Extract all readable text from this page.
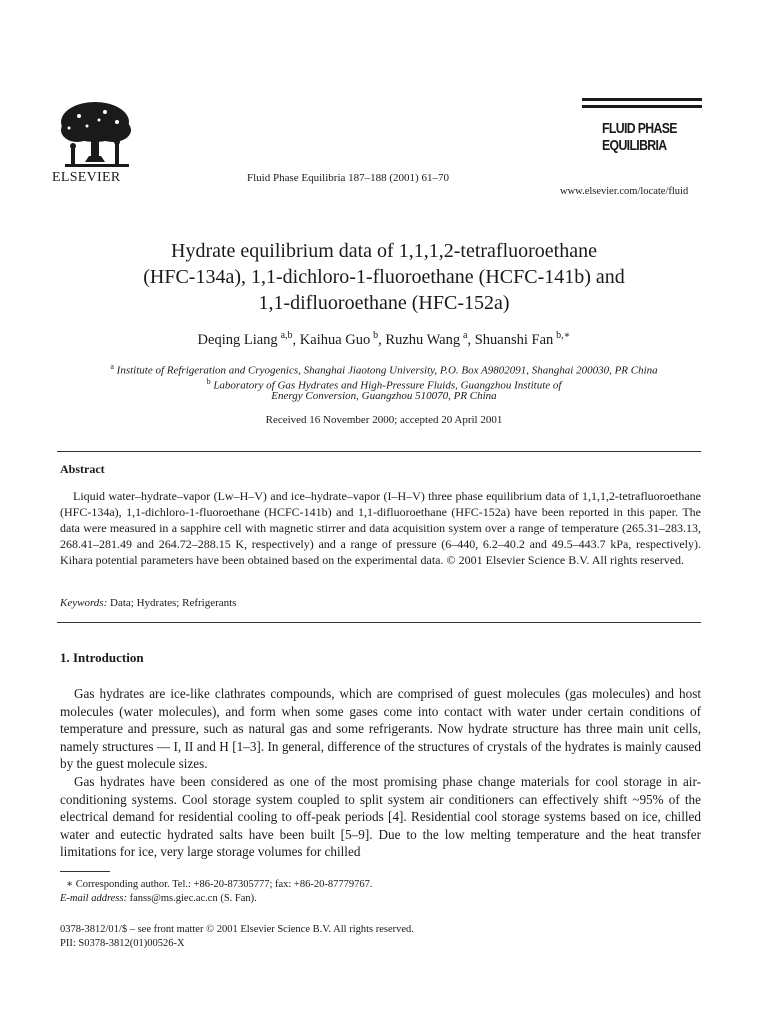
ELSEVIER	Fluid Phase Equilibria 187–188 (2001) 61–70
FLUID PHASE
EQUILIBRIA
www.elsevier.com/locate/fluid
Hydrate equilibrium data of 1,1,1,2-tetrafluoroethane
(HFC-134a), 1,1-dichloro-1-fluoroethane (HCFC-141b) and
1,1-difluoroethane (HFC-152a)
Deqing Liang  $^{a,b}$, Kaihua Guo  $^b$, Ruzhu Wang  $^a$, Shuanshi Fan  $^{b,∗}$
$^a$ Institute of Refrigeration and Cryogenics, Shanghai Jiaotong University, P.O. Box A9802091, Shanghai 200030, PR China
$^b$ Laboratory of Gas Hydrates and High-Pressure Fluids, Guangzhou Institute of
Energy Conversion, Guangzhou 510070, PR China
Received 16 November 2000; accepted 20 April 2001
Abstract
Liquid water–hydrate–vapor (Lw–H–V) and ice–hydrate–vapor (I–H–V) three phase equilibrium data of 1,1,1,2-tetrafluoroethane (HFC-134a), 1,1-dichloro-1-fluoroethane (HCFC-141b) and 1,1-difluoroethane (HFC-152a) have been reported in this paper. The data were measured in a sapphire cell with magnetic stirrer and data acquisition system over a range of temperature (265.31–283.13, 268.41–281.49 and 264.72–288.15 K, respectively) and a range of pressure (6–440, 6.2–40.2 and 49.5–443.7 kPa, respectively). Kihara potential parameters have been obtained based on the experimental data. © 2001 Elsevier Science B.V. All rights reserved.
Keywords: Data; Hydrates; Refrigerants
1. Introduction
Gas hydrates are ice-like clathrates compounds, which are comprised of guest molecules (gas molecules) and host molecules (water molecules), and form when some gases come into contact with water under certain conditions of temperature and pressure, such as natural gas and some refrigerants. Now hydrate structure has three main unit cells, namely structures — I, II and H [1–3]. In general, difference of the structures of crystals of the hydrates is mainly caused by the guest molecule sizes.
Gas hydrates have been considered as one of the most promising phase change materials for cool storage in air-conditioning systems. Cool storage system coupled to split system air conditioners can effectively shift ~95% of the electrical demand for residential cooling to off-peak periods [4]. Residential cool storage systems based on ice, chilled water and eutectic hydrated salts have been built [5–9]. Due to the low melting temperature and the heat transfer limitations for ice, very large storage volumes for chilled
∗ Corresponding author. Tel.: +86-20-87305777; fax: +86-20-87779767.
E-mail address: fanss@ms.giec.ac.cn (S. Fan).
0378-3812/01/$ – see front matter © 2001 Elsevier Science B.V. All rights reserved.
PII: S0378-3812(01)00526-X
